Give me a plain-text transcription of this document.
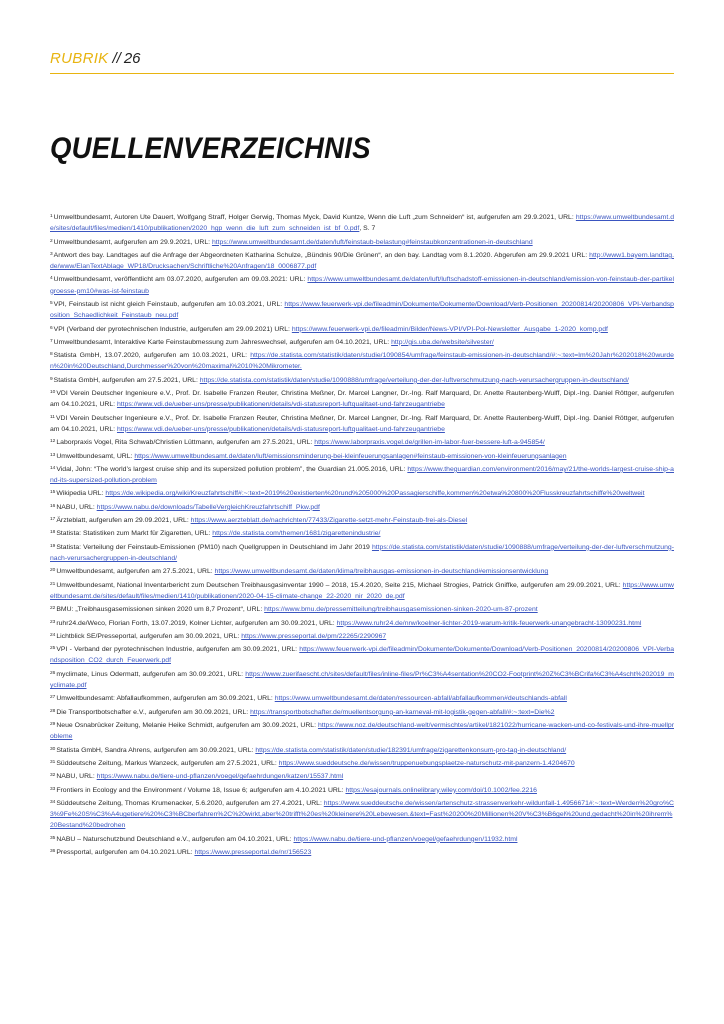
RUBRIK // 26
QUELLENVERZEICHNIS

$^1$Umweltbundesamt, Autoren Ute Dauert, Wolfgang Straff, Holger Gerwig, Thomas Myck, David Kuntze, Wenn die Luft „zum Schneiden“ ist, aufgerufen am 29.9.2021, URL: https://www.umweltbundesamt.de/sites/default/files/medien/1410/publikationen/2020_hgp_wenn_die_luft_zum_schneiden_ist_bf_0.pdf, S. 7

$^2$Umweltbundesamt, aufgerufen am 29.9.2021, URL: https://www.umweltbundesamt.de/daten/luft/feinstaub-belastung#feinstaubkonzentrationen-in-deutschland

$^3$Antwort des bay. Landtages auf die Anfrage der Abgeordneten Katharina Schulze, „Bündnis 90/Die Grünen“, an den bay. Landtag vom 8.1.2020. Abgerufen am 29.9.2021 URL: http://www1.bayern.landtag.de/www/ElanTextAblage_WP18/Drucksachen/Schriftliche%20Anfragen/18_0006877.pdf

$^4$Umweltbundesamt, veröffentlicht am 03.07.2020, aufgerufen am 09.03.2021: URL: https://www.umweltbundesamt.de/daten/luft/luftschadstoff-emissionen-in-deutschland/emission-von-feinstaub-der-partikelgroesse-pm10#was-ist-feinstaub

$^5$VPI, Feinstaub ist nicht gleich Feinstaub, aufgerufen am 10.03.2021, URL: https://www.feuerwerk-vpi.de/fileadmin/Dokumente/Dokumente/Download/Verb-Positionen_20200814/20200806_VPI-Verbandsposition_Schaedlichkeit_Feinstaub_neu.pdf

$^6$VPI (Verband der pyrotechnischen Industrie, aufgerufen am 29.09.2021) URL: https://www.feuerwerk-vpi.de/fileadmin/Bilder/News-VPI/VPI-Pol-Newsletter_Ausgabe_1-2020_komp.pdf

$^7$Umweltbundesamt, Interaktive Karte Feinstaubmessung zum Jahreswechsel, aufgerufen am 04.10.2021, URL: http://gis.uba.de/website/silvester/

$^8$Statista GmbH, 13.07.2020, aufgerufen am 10.03.2021, URL: https://de.statista.com/statistik/daten/studie/1090854/umfrage/feinstaub-emissionen-in-deutschland/#:~:text=Im%20Jahr%202018%20wurden%20in%20Deutschland,Durchmesser%20von%20maximal%2010%20Mikrometer.

$^9$Statista GmbH, aufgerufen am 27.5.2021, URL: https://de.statista.com/statistik/daten/studie/1090888/umfrage/verteilung-der-der-luftverschmutzung-nach-verursachergruppen-in-deutschland/

$^{10}$VDI Verein Deutscher Ingenieure e.V., Prof. Dr. Isabelle Franzen Reuter, Christina Meßner, Dr. Marcel Langner, Dr.-Ing. Ralf Marquard, Dr. Anette Rautenberg-Wulff, Dipl.-Ing. Daniel Röttger, aufgerufen am 04.10.2021, URL: https://www.vdi.de/ueber-uns/presse/publikationen/details/vdi-statusreport-luftqualitaet-und-fahrzeugantriebe

$^{11}$VDI Verein Deutscher Ingenieure e.V., Prof. Dr. Isabelle Franzen Reuter, Christina Meßner, Dr. Marcel Langner, Dr.-Ing. Ralf Marquard, Dr. Anette Rautenberg-Wulff, Dipl.-Ing. Daniel Röttger, aufgerufen am 04.10.2021, URL: https://www.vdi.de/ueber-uns/presse/publikationen/details/vdi-statusreport-luftqualitaet-und-fahrzeugantriebe

$^{12}$Laborpraxis Vogel, Rita Schwab/Christien Lüttmann, aufgerufen am 27.5.2021, URL: https://www.laborpraxis.vogel.de/grillen-im-labor-fuer-bessere-luft-a-945854/

$^{13}$Umweltbundesamt, URL: https://www.umweltbundesamt.de/daten/luft/emissionsminderung-bei-kleinfeuerungsanlagen#feinstaub-emissionen-von-kleinfeuerungsanlagen

$^{14}$Vidal, John: “The world’s largest cruise ship and its supersized pollution problem”, the Guardian 21.005.2016, URL: https://www.theguardian.com/environment/2016/may/21/the-worlds-largest-cruise-ship-and-its-supersized-pollution-problem

$^{15}$Wikipedia URL: https://de.wikipedia.org/wiki/Kreuzfahrtschiff#:~:text=2019%20existierten%20rund%205000%20Passagierschiffe,kommen%20etwa%20800%20Flusskreuzfahrtschiffe%20weltweit

$^{16}$NABU, URL: https://www.nabu.de/downloads/TabelleVergleichKreuzfahrtschiff_Pkw.pdf

$^{17}$Ärzteblatt, aufgerufen am 29.09.2021, URL: https://www.aerzteblatt.de/nachrichten/77433/Zigarette-setzt-mehr-Feinstaub-frei-als-Diesel

$^{18}$Statista: Statistiken zum Markt für Zigaretten, URL: https://de.statista.com/themen/1681/zigarettenindustrie/

$^{19}$Statista: Verteilung der Feinstaub-Emissionen (PM10) nach Quellgruppen in Deutschland im Jahr 2019 https://de.statista.com/statistik/daten/studie/1090888/umfrage/verteilung-der-der-luftverschmutzung-nach-verursachergruppen-in-deutschland/

$^{20}$Umweltbundesamt, aufgerufen am 27.5.2021, URL: https://www.umweltbundesamt.de/daten/klima/treibhausgas-emissionen-in-deutschland#emissionsentwicklung

$^{21}$Umweltbundesamt, National Inventarbericht zum Deutschen Treibhausgasinventar 1990 – 2018, 15.4.2020, Seite 215, Michael Strogies, Patrick Gniffke, aufgerufen am 29.09.2021, URL: https://www.umweltbundesamt.de/sites/default/files/medien/1410/publikationen/2020-04-15-climate-change_22-2020_nir_2020_de.pdf

$^{22}$BMU: „Treibhausgasemissionen sinken 2020 um 8,7 Prozent“, URL: https://www.bmu.de/pressemitteilung/treibhausgasemissionen-sinken-2020-um-87-prozent

$^{23}$ruhr24.de/Weco, Florian Forth, 13.07.2019, Kolner Lichter, aufgerufen am 30.09.2021, URL: https://www.ruhr24.de/nrw/koelner-lichter-2019-warum-kritik-feuerwerk-unangebracht-13090231.html

$^{24}$Lichtblick SE/Presseportal, aufgerufen am 30.09.2021, URL: https://www.presseportal.de/pm/22265/2290967

$^{25}$VPI - Verband der pyrotechnischen Industrie, aufgerufen am 30.09.2021, URL: https://www.feuerwerk-vpi.de/fileadmin/Dokumente/Dokumente/Download/Verb-Positionen_20200814/20200806_VPI-Verbandsposition_CO2_durch_Feuerwerk.pdf

$^{26}$myclimate, Linus Odermatt, aufgerufen am 30.09.2021, URL: https://www.zuerifaescht.ch/sites/default/files/inline-files/Pr%C3%A4sentation%20CO2-Footprint%20Z%C3%BCrifa%C3%A4scht%202019_myclimate.pdf

$^{27}$Umweltbundesamt: Abfallaufkommen, aufgerufen am 30.09.2021, URL: https://www.umweltbundesamt.de/daten/ressourcen-abfall/abfallaufkommen#deutschlands-abfall

$^{28}$Die Transportbotschafter e.V., aufgerufen am 30.09.2021, URL: https://transportbotschafter.de/muellentsorgung-an-karneval-mit-logistik-gegen-abfall/#:~:text=Die%2

$^{29}$Neue Osnabrücker Zeitung, Melanie Heike Schmidt, aufgerufen am 30.09.2021, URL: https://www.noz.de/deutschland-welt/vermischtes/artikel/1821022/hurricane-wacken-und-co-festivals-und-ihre-muellprobleme

$^{30}$Statista GmbH, Sandra Ahrens, aufgerufen am 30.09.2021, URL: https://de.statista.com/statistik/daten/studie/182391/umfrage/zigarettenkonsum-pro-tag-in-deutschland/

$^{31}$Süddeutsche Zeitung, Markus Wanzeck, aufgerufen am 27.5.2021, URL: https://www.sueddeutsche.de/wissen/truppenuebungsplaetze-naturschutz-mit-panzern-1.4204670

$^{32}$NABU, URL: https://www.nabu.de/tiere-und-pflanzen/voegel/gefaehrdungen/katzen/15537.html

$^{33}$Frontiers in Ecology and the Environment / Volume 18, Issue 6; aufgerufen am 4.10.2021 URL: https://esajournals.onlinelibrary.wiley.com/doi/10.1002/fee.2216

$^{34}$Süddeutsche Zeitung, Thomas Krumenacker, 5.6.2020, aufgerufen am 27.4.2021, URL: https://www.sueddeutsche.de/wissen/artenschutz-strassenverkehr-wildunfall-1.4956671#:~:text=Werden%20gro%C3%9Fe%20S%C3%A4ugetiere%20%C3%BCberfahren%2C%20wirkt,aber%20trifft%20es%20kleinere%20Lebewesen.&text=Fast%20200%20Millionen%20V%C3%B6gel%20und,gedacht%20in%20ihrem%20Bestand%20bedrohen

$^{35}$NABU – Naturschutzbund Deutschland e.V., aufgerufen am 04.10.2021, URL: https://www.nabu.de/tiere-und-pflanzen/voegel/gefaehrdungen/11932.html

$^{36}$Pressportal, aufgerufen am 04.10.2021.URL: https://www.presseportal.de/nr/156523
